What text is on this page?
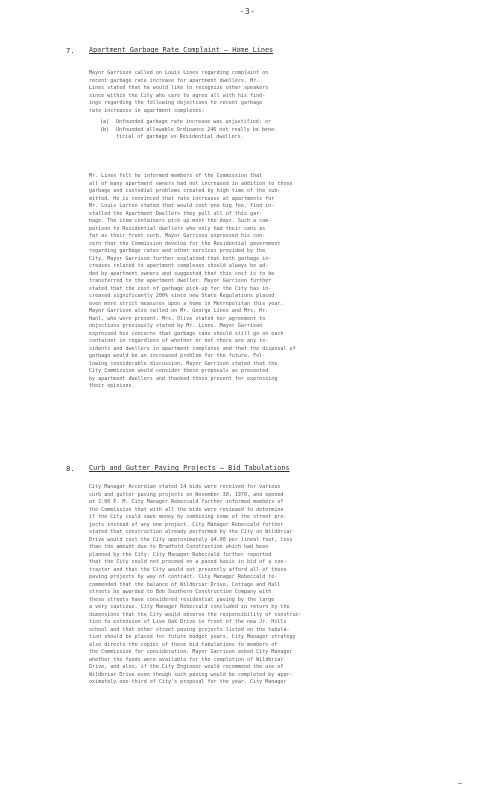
-3-
7. Apartment Garbage Rate Complaint — Home Lines
Mayor Garrison called on Louis Lines regarding complaint on
recent garbage rate increase for apartment dwellers. Mr.
Lines stated that he would like to recognize other speakers
since within the City who care to agree all with his find-
ings regarding the following objections to recent garbage
rate increases in apartment complexes:
(a) Unfounded garbage rate increase was unjustified; or
(b) Unfounded allowable Ordinance 246 not really be bene-
ficial of garbage vs Residential dwellers.
Mr. Lines felt he informed members of the Commission that
all of many apartment owners had not increased in addition to those
garbage and custodial problems created by high time of the sub-
mitted. He is convinced that rate increases at apartments for
Mr. Louis Lorton stated that would cost one big fee, find in-
stalled the Apartment Dwellers they pull all of this gar-
bage. The item containers pick up most the days. Such a com-
parison to Residential dwellers who only had their cans as
far as their front curb. Mayor Garrison expressed his con-
cern that the Commission develop for the Residential government
regarding garbage rates and other services provided by the
City. Mayor Garrison further explained that both garbage in-
creases related to apartment complexes should always be ad-
ded by apartment owners and suggested that this cost is to be
transferred to the apartment dweller. Mayor Garrison further
stated that the cost of garbage pick-up for the City has in-
creased significantly 200% since new State Regulations placed
even more strict measures upon a home in Metropolitan this year.
Mayor Garrison also called on Mr. George Lines and Mrs. Hr.
Hanl, who were present. Mrs. Olive stated her agreement to
objections previously stated by Mr. Lines. Mayor Garrison
expressed his concerns that garbage cans should still go on each
container in regardless of whether or not there are any re-
sidents and dwellers in apartment complexes and that the disposal of
garbage would be an increased problem for the future. Fol-
lowing considerable discussion, Mayor Garrison stated that the
City Commission would consider these proposals as presented
by apartment dwellers and thanked those present for expressing
their opinions.
8. Curb and Gutter Paving Projects — Bid Tabulations
City Manager Accordian stated 14 bids were received for various
curb and gutter paving projects on November 30, 1970, and opened
at 2:00 P. M. City Manager Rebeccald further informed members of
the Commission that with all the bids were reviewed to determine
if the City could save money by combining some of the street pro-
jects instead of any one project. City Manager Rebeccald further
stated that construction already performed by the City on Wildbriar
Drive would cost the City approximately $4.00 per lineal foot, less
than the amount due to Bradford Construction which had been
planned by the City. City Manager Rebeccald further reported
that the City could not proceed on a paved basis in bid of a con-
tractor and that the City would not presently afford all of these
paving projects by way of contract. City Manager Rebeccald re-
commended that the balance of Wildbriar Drive, Cottage and Hall
streets be awarded to Bob Southern Construction Company with
these streets have considered residential paving by the large
a very cautious. City Manager Rebeccald concluded in return by the
dimensions that the City would observe the responsibility of construc-
tion to extension of Live Oak Drive in front of the new Jr. Hills
school and that other street paving projects listed on the tabula-
tion should be placed for future budget years. City Manager strategy
also directs the copies of these bid tabulations to members of
the Commission for consideration. Mayor Garrison asked City Manager
whether the funds were available for the completion of Wildbriar
Drive, and also, if the City Engineer would recommend the use of
Wildbriar Drive even though such paving would be completed by appr-
oximately one-third of City's proposal for the year. City Manager
~
